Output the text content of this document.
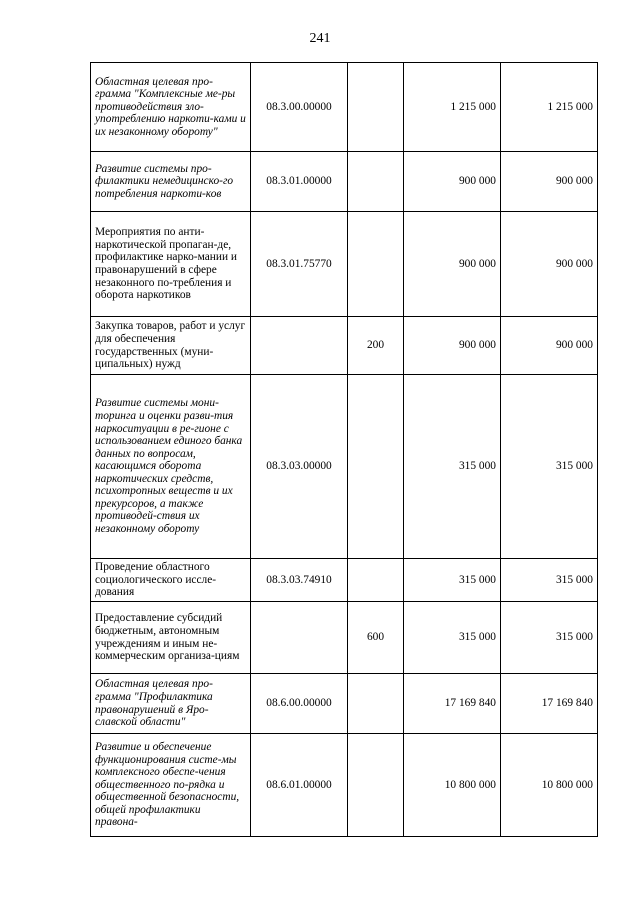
241
Областная целевая про-грамма "Комплексные ме-ры противодействия зло-употреблению наркоти-ками и их незаконному обороту"	08.3.00.00000		1 215 000	1 215 000
Развитие системы про-филактики немедицинско-го потребления наркоти-ков	08.3.01.00000		900 000	900 000
Мероприятия по анти-наркотической пропаган-де, профилактике нарко-мании и правонарушений в сфере незаконного по-требления и оборота наркотиков	08.3.01.75770		900 000	900 000
Закупка товаров, работ и услуг для обеспечения государственных (муни-ципальных) нужд		200	900 000	900 000
Развитие системы мони-торинга и оценки разви-тия наркоситуации в ре-гионе с использованием единого банка данных по вопросам, касающимся оборота наркотических средств, психотропных веществ и их прекурсоров, а также противодей-ствия их незаконному обороту	08.3.03.00000		315 000	315 000
Проведение областного социологического иссле-дования	08.3.03.74910		315 000	315 000
Предоставление субсидий бюджетным, автономным учреждениям и иным не-коммерческим организа-циям		600	315 000	315 000
Областная целевая про-грамма "Профилактика правонарушений в Яро-славской области"	08.6.00.00000		17 169 840	17 169 840
Развитие и обеспечение функционирования систе-мы комплексного обеспе-чения общественного по-рядка и общественной безопасности, общей профилактики правона-	08.6.01.00000		10 800 000	10 800 000
